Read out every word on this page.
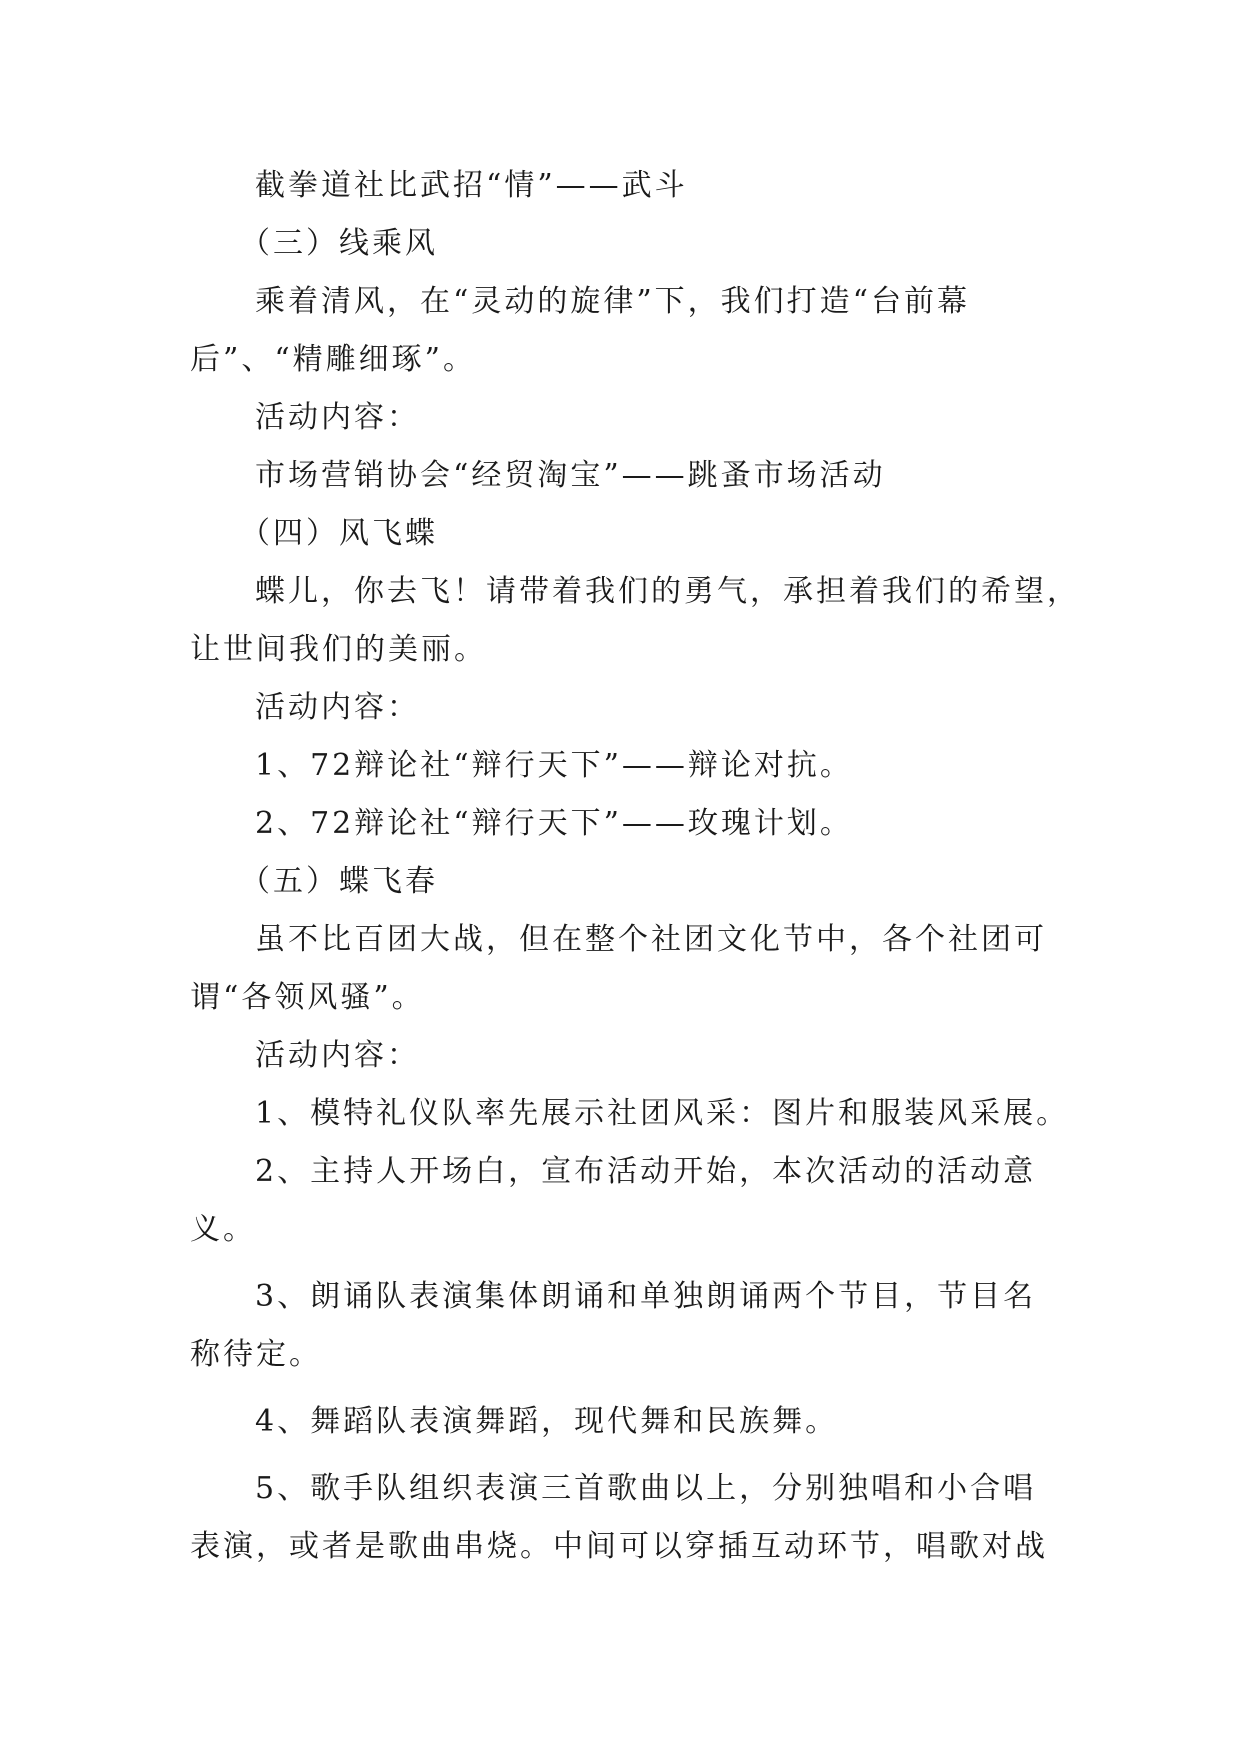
截拳道社比武招“情”——武斗
（三）线乘风
乘着清风，在“灵动的旋律”下，我们打造“台前幕
后”、“精雕细琢”。
活动内容：
市场营销协会“经贸淘宝”——跳蚤市场活动
（四）风飞蝶
蝶儿，你去飞！请带着我们的勇气，承担着我们的希望，
让世间我们的美丽。
活动内容：
1、72辩论社“辩行天下”——辩论对抗。
2、72辩论社“辩行天下”——玫瑰计划。
（五）蝶飞春
虽不比百团大战，但在整个社团文化节中，各个社团可
谓“各领风骚”。
活动内容：
1、模特礼仪队率先展示社团风采：图片和服装风采展。
2、主持人开场白，宣布活动开始，本次活动的活动意
义。
3、朗诵队表演集体朗诵和单独朗诵两个节目，节目名
称待定。
4、舞蹈队表演舞蹈，现代舞和民族舞。
5、歌手队组织表演三首歌曲以上，分别独唱和小合唱
表演，或者是歌曲串烧。中间可以穿插互动环节，唱歌对战
